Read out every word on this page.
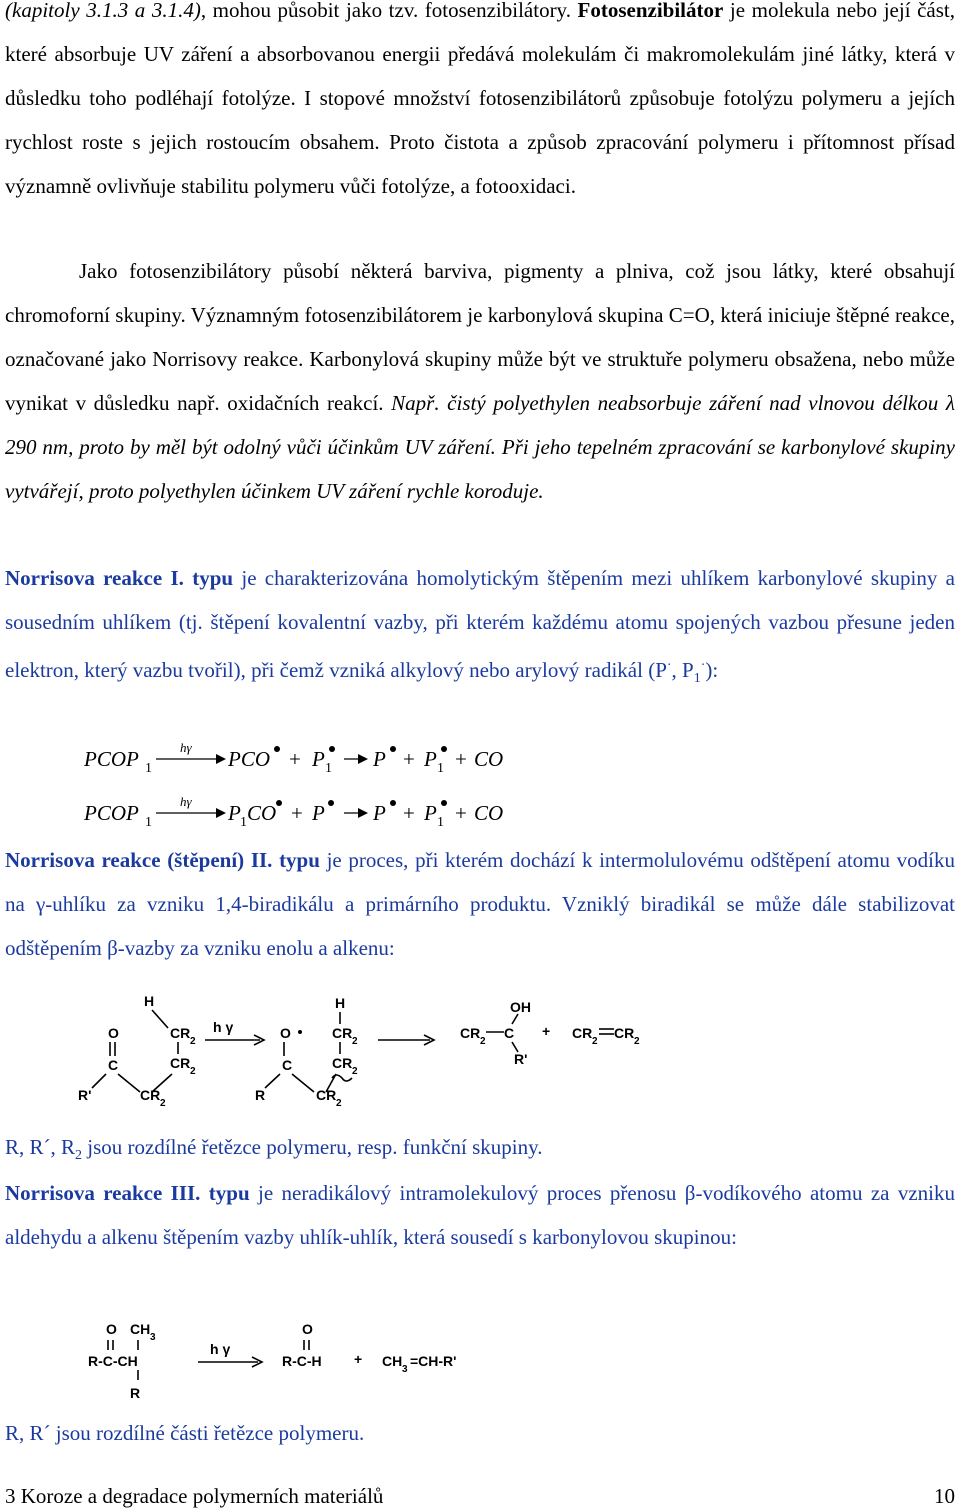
(kapitoly 3.1.3 a 3.1.4), mohou působit jako tzv. fotosenzibilátory. Fotosenzibilátor je molekula nebo její část, které absorbuje UV záření a absorbovanou energii předává molekulám či makromolekulám jiné látky, která v důsledku toho podléhají fotolýze. I stopové množství fotosenzibilátorů způsobuje fotolýzu polymeru a jejích rychlost roste s jejich rostoucím obsahem. Proto čistota a způsob zpracování polymeru i přítomnost přísad významně ovlivňuje stabilitu polymeru vůči fotolýze, a fotooxidaci.

Jako fotosenzibilátory působí některá barviva, pigmenty a plniva, což jsou látky, které obsahují chromoforní skupiny. Významným fotosenzibilátorem je karbonylová skupina C=O, která iniciuje štěpné reakce, označované jako Norrisovy reakce. Karbonylová skupiny může být ve struktuře polymeru obsažena, nebo může vynikat v důsledku např. oxidačních reakcí. Např. čistý polyethylen neabsorbuje záření nad vlnovou délkou λ 290 nm, proto by měl být odolný vůči účinkům UV záření. Při jeho tepelném zpracování se karbonylové skupiny vytvářejí, proto polyethylen účinkem UV záření rychle koroduje.

Norrisova reakce I. typu je charakterizována homolytickým štěpením mezi uhlíkem karbonylové skupiny a sousedním uhlíkem (tj. štěpení kovalentní vazby, při kterém každému atomu spojených vazbou přesune jeden elektron, který vazbu tvořil), při čemž vzniká alkylový nebo arylový radikál (P·, $P_1^\cdot$):

PCOP 1
hγ PCO + P 1 P + P 1 + CO
PCOP 1
hγ P 1 CO + P P + P 1 + CO

Norrisova reakce (štěpení) II. typu je proces, při kterém dochází k intermolulovému odštěpení atomu vodíku na γ-uhlíku za vzniku 1,4-biradikálu a primárního produktu. Vzniklý biradikál se může dále stabilizovat odštěpením β-vazby za vzniku enolu a alkenu:

H
O
C
CR
2
CR
2
R'	CR
2
h γ
H
O
C
CR
2
CR
2
R	CR
2
CR
2
C
OH
R'
+ CR
2
CR
2

R, R´, $R_2$ jsou rozdílné řetězce polymeru, resp. funkční skupiny.

Norrisova reakce III. typu je neradikálový intramolekulový proces přenosu β-vodíkového atomu za vzniku aldehydu a alkenu štěpením vazby uhlík-uhlík, která sousedí s karbonylovou skupinou:

O CH
3
R-C-CH
R
h γ
O
R-C-H + CH
3
=CH-R'

R, R´ jsou rozdílné části řetězce polymeru.

3 Koroze a degradace polymerních materiálů	10
